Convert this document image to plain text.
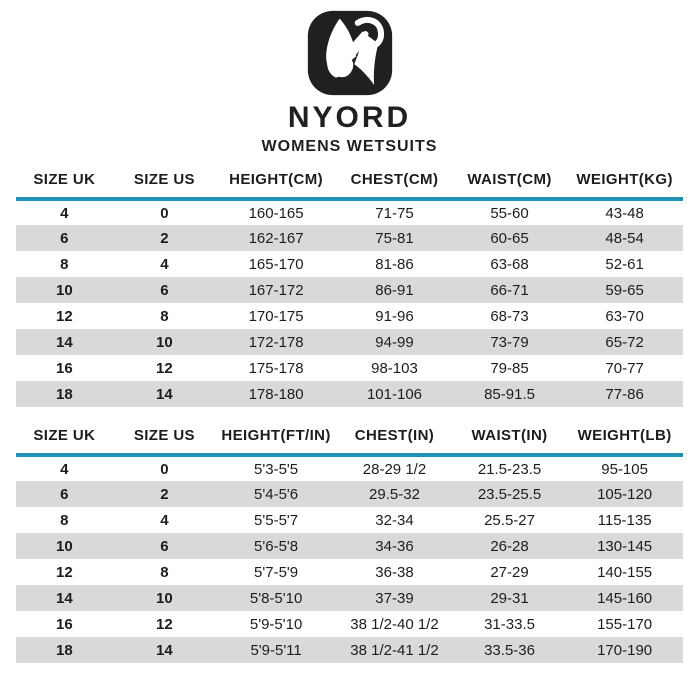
NYORD
WOMENS WETSUITS
SIZE UK	SIZE US	HEIGHT(CM)	CHEST(CM)	WAIST(CM)	WEIGHT(KG)
4	0	160-165	71-75	55-60	43-48
6	2	162-167	75-81	60-65	48-54
8	4	165-170	81-86	63-68	52-61
10	6	167-172	86-91	66-71	59-65
12	8	170-175	91-96	68-73	63-70
14	10	172-178	94-99	73-79	65-72
16	12	175-178	98-103	79-85	70-77
18	14	178-180	101-106	85-91.5	77-86
SIZE UK	SIZE US	HEIGHT(FT/IN)	CHEST(IN)	WAIST(IN)	WEIGHT(LB)
4	0	5'3-5'5	28-29 1/2	21.5-23.5	95-105
6	2	5'4-5'6	29.5-32	23.5-25.5	105-120
8	4	5'5-5'7	32-34	25.5-27	115-135
10	6	5'6-5'8	34-36	26-28	130-145
12	8	5'7-5'9	36-38	27-29	140-155
14	10	5'8-5'10	37-39	29-31	145-160
16	12	5'9-5'10	38 1/2-40 1/2	31-33.5	155-170
18	14	5'9-5'11	38 1/2-41 1/2	33.5-36	170-190
